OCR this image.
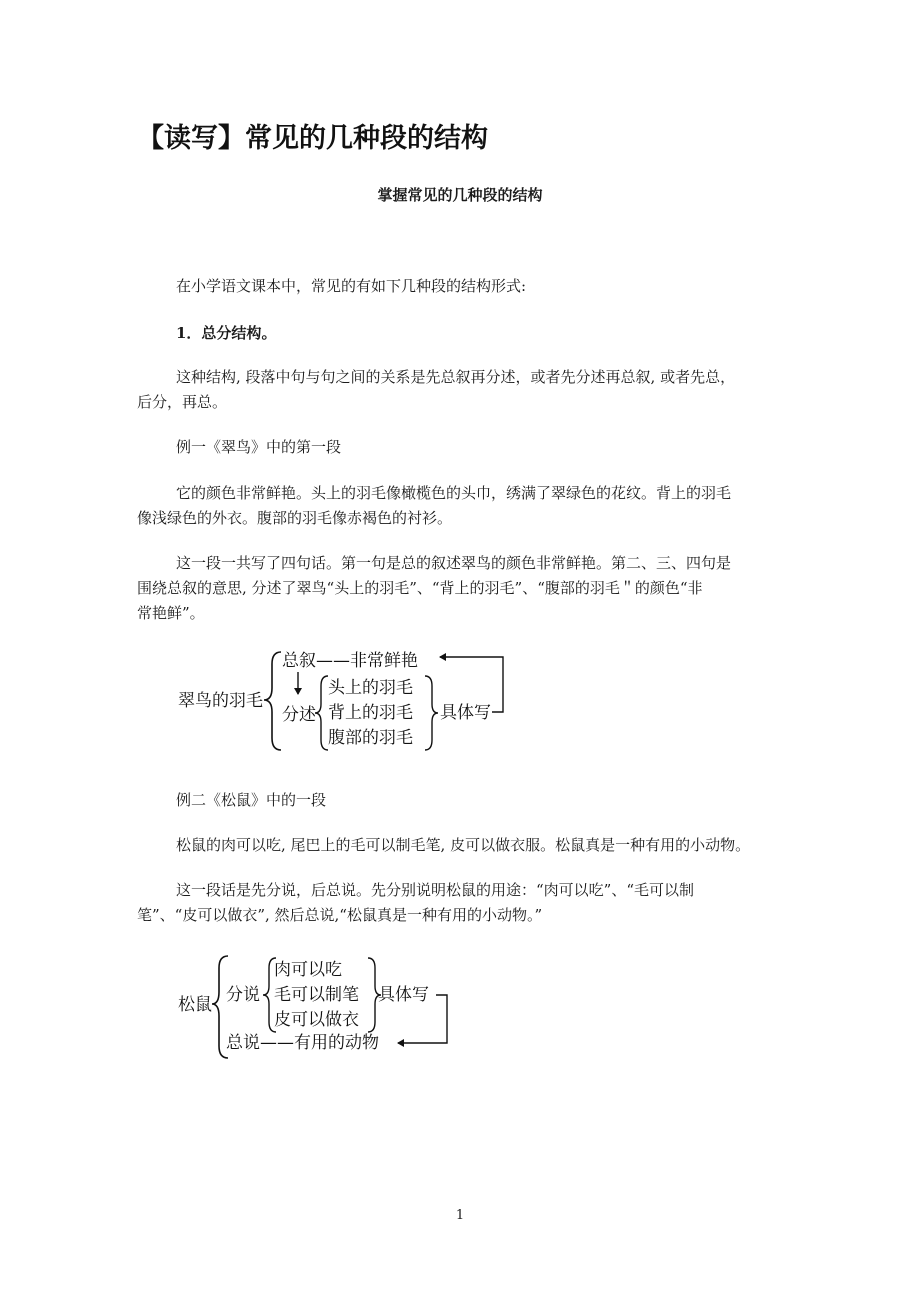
【读写】常见的几种段的结构
掌握常见的几种段的结构
在小学语文课本中，常见的有如下几种段的结构形式:
1．总分结构。
这种结构, 段落中句与句之间的关系是先总叙再分述，或者先分述再总叙, 或者先总，
后分，再总。
例一《翠鸟》中的第一段
它的颜色非常鲜艳。头上的羽毛像橄榄色的头巾，绣满了翠绿色的花纹。背上的羽毛
像浅绿色的外衣。腹部的羽毛像赤褐色的衬衫。
这一段一共写了四句话。第一句是总的叙述翠鸟的颜色非常鲜艳。第二、三、四句是
围绕总叙的意思, 分述了翠鸟“头上的羽毛”、“背上的羽毛”、“腹部的羽毛＂的颜色“非
常艳鲜”。
翠鸟的羽毛
总叙——非常鲜艳
分述
头上的羽毛
背上的羽毛
腹部的羽毛
具体写
例二《松鼠》中的一段
松鼠的肉可以吃, 尾巴上的毛可以制毛笔, 皮可以做衣服。松鼠真是一种有用的小动物。
这一段话是先分说，后总说。先分别说明松鼠的用途：“肉可以吃”、“毛可以制
笔”、“皮可以做衣”, 然后总说,“松鼠真是一种有用的小动物。”
松鼠 分说
肉可以吃
毛可以制笔
皮可以做衣
具体写
总说——有用的动物
1
